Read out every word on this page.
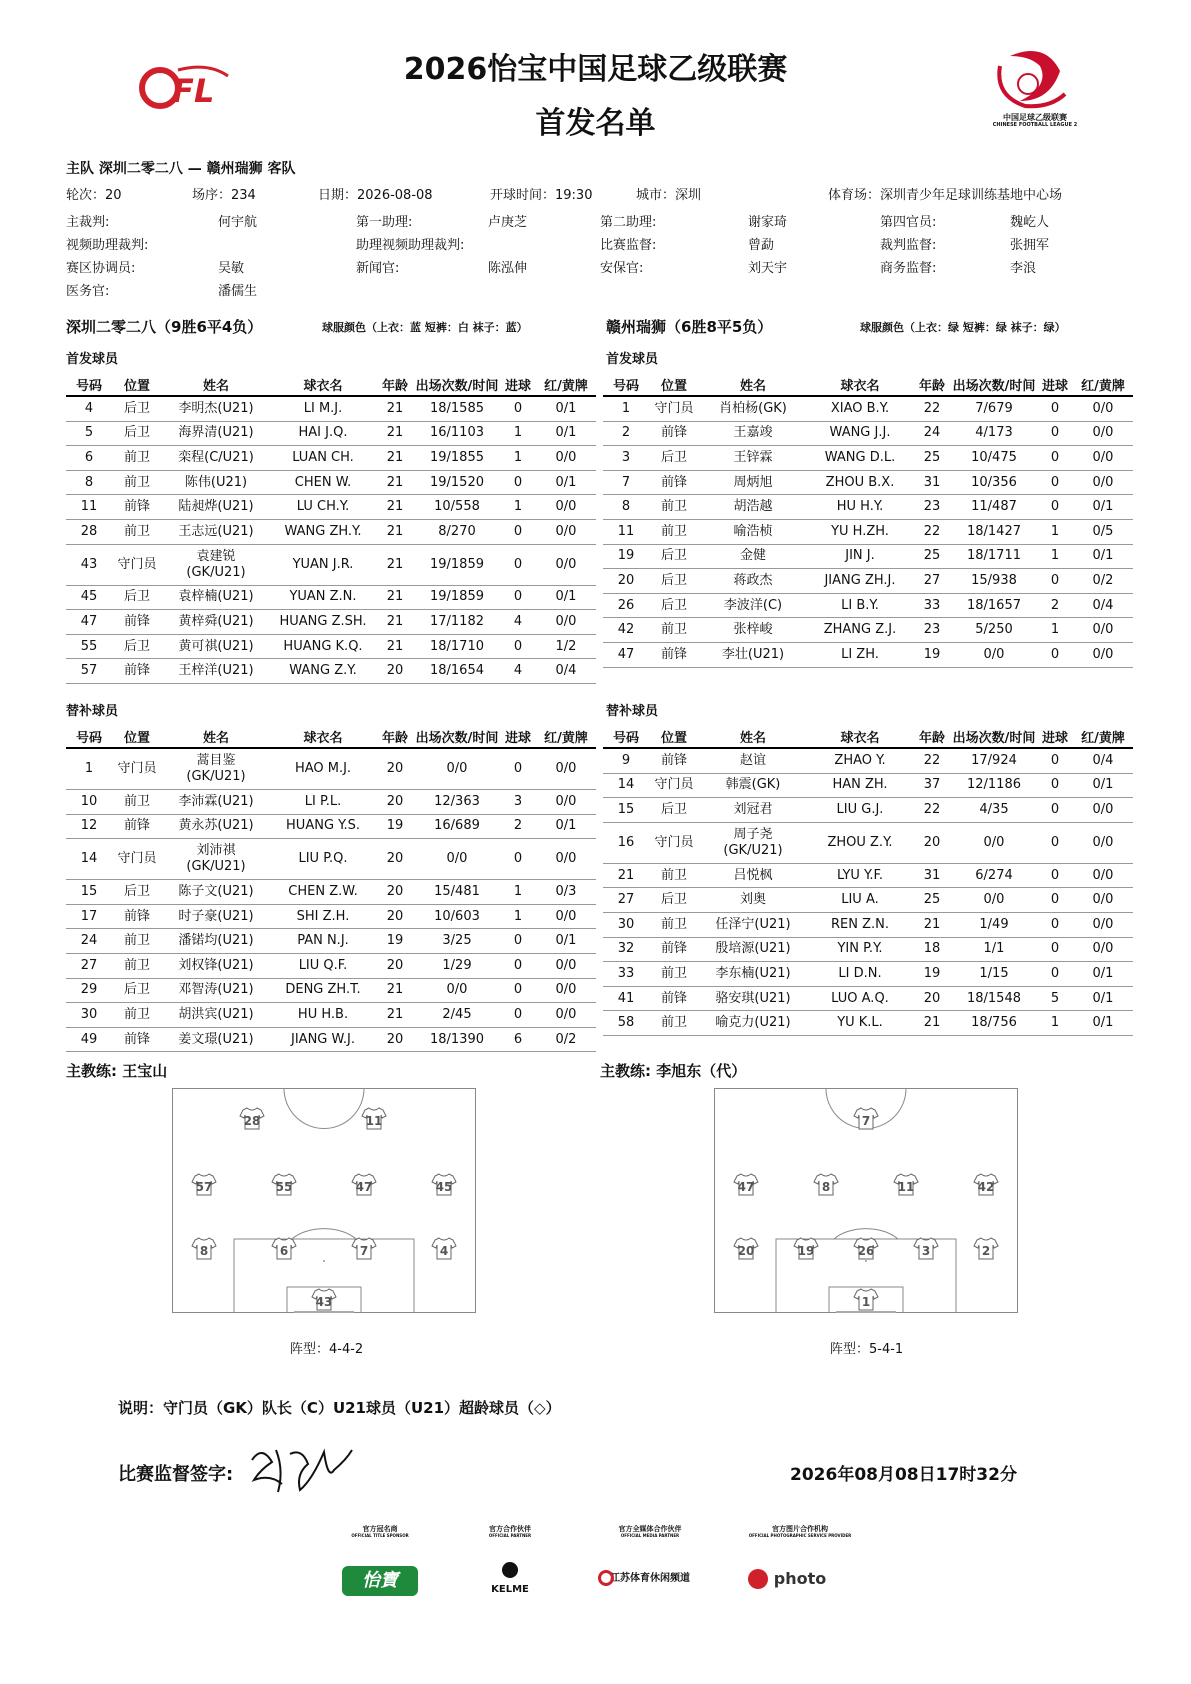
2026怡宝中国足球乙级联赛
首发名单
F L
中国足球乙级联赛
CHINESE FOOTBALL LEAGUE 2
主队 深圳二零二八 — 赣州瑞狮 客队
轮次：20	场序：234	日期：2026-08-08	开球时间：19:30	城市：深圳	体育场：深圳青少年足球训练基地中心场
主裁判:	何宇航	第一助理:	卢庚芝	第二助理:	谢家琦	第四官员:	魏屹人
视频助理裁判:	助理视频助理裁判:	比赛监督:	曾勐	裁判监督:	张拥军
赛区协调员:	吴敏	新闻官:	陈泓伸	安保官:	刘天宇	商务监督:	李浪
医务官:	潘儒生
深圳二零二八（9胜6平4负）	球服颜色（上衣：蓝 短裤：白 袜子：蓝）	赣州瑞狮（6胜8平5负）	球服颜色（上衣：绿 短裤：绿 袜子：绿）
首发球员	首发球员
替补球员	替补球员
号码	位置	姓名	球衣名	年龄	出场次数/时间	进球	红/黄牌
4	后卫	李明杰(U21)	LI M.J.	21	18/1585	0	0/1
5	后卫	海界清(U21)	HAI J.Q.	21	16/1103	1	0/1
6	前卫	栾程(C/U21)	LUAN CH.	21	19/1855	1	0/0
8	前卫	陈伟(U21)	CHEN W.	21	19/1520	0	0/1
11	前锋	陆昶烨(U21)	LU CH.Y.	21	10/558	1	0/0
28	前卫	王志远(U21)	WANG ZH.Y.	21	8/270	0	0/0
43	守门员	袁建锐(GK/U21)	YUAN J.R.	21	19/1859	0	0/0
45	后卫	袁梓楠(U21)	YUAN Z.N.	21	19/1859	0	0/1
47	前锋	黄梓舜(U21)	HUANG Z.SH.	21	17/1182	4	0/0
55	后卫	黄可祺(U21)	HUANG K.Q.	21	18/1710	0	1/2
57	前锋	王梓洋(U21)	WANG Z.Y.	20	18/1654	4	0/4
号码	位置	姓名	球衣名	年龄	出场次数/时间	进球	红/黄牌
1	守门员	肖柏杨(GK)	XIAO B.Y.	22	7/679	0	0/0
2	前锋	王嘉竣	WANG J.J.	24	4/173	0	0/0
3	后卫	王锌霖	WANG D.L.	25	10/475	0	0/0
7	前锋	周炳旭	ZHOU B.X.	31	10/356	0	0/0
8	前卫	胡浩越	HU H.Y.	23	11/487	0	0/1
11	前卫	喻浩桢	YU H.ZH.	22	18/1427	1	0/5
19	后卫	金健	JIN J.	25	18/1711	1	0/1
20	后卫	蒋政杰	JIANG ZH.J.	27	15/938	0	0/2
26	后卫	李波洋(C)	LI B.Y.	33	18/1657	2	0/4
42	前卫	张梓峻	ZHANG Z.J.	23	5/250	1	0/0
47	前锋	李壮(U21)	LI ZH.	19	0/0	0	0/0
号码	位置	姓名	球衣名	年龄	出场次数/时间	进球	红/黄牌
1	守门员	蒿目鉴(GK/U21)	HAO M.J.	20	0/0	0	0/0
10	前卫	李沛霖(U21)	LI P.L.	20	12/363	3	0/0
12	前锋	黄永苏(U21)	HUANG Y.S.	19	16/689	2	0/1
14	守门员	刘沛祺(GK/U21)	LIU P.Q.	20	0/0	0	0/0
15	后卫	陈子文(U21)	CHEN Z.W.	20	15/481	1	0/3
17	前锋	时子豪(U21)	SHI Z.H.	20	10/603	1	0/0
24	前卫	潘锘均(U21)	PAN N.J.	19	3/25	0	0/1
27	前卫	刘权锋(U21)	LIU Q.F.	20	1/29	0	0/0
29	后卫	邓智涛(U21)	DENG ZH.T.	21	0/0	0	0/0
30	前卫	胡洪宾(U21)	HU H.B.	21	2/45	0	0/0
49	前锋	姜文璟(U21)	JIANG W.J.	20	18/1390	6	0/2
号码	位置	姓名	球衣名	年龄	出场次数/时间	进球	红/黄牌
9	前锋	赵谊	ZHAO Y.	22	17/924	0	0/4
14	守门员	韩震(GK)	HAN ZH.	37	12/1186	0	0/1
15	后卫	刘冠君	LIU G.J.	22	4/35	0	0/0
16	守门员	周子尧(GK/U21)	ZHOU Z.Y.	20	0/0	0	0/0
21	前卫	吕悦枫	LYU Y.F.	31	6/274	0	0/0
27	后卫	刘奥	LIU A.	25	0/0	0	0/0
30	前卫	任泽宁(U21)	REN Z.N.	21	1/49	0	0/0
32	前锋	殷培源(U21)	YIN P.Y.	18	1/1	0	0/0
33	前卫	李东楠(U21)	LI D.N.	19	1/15	0	0/1
41	前锋	骆安琪(U21)	LUO A.Q.	20	18/1548	5	0/1
58	前卫	喻克力(U21)	YU K.L.	21	18/756	1	0/1
主教练: 王宝山	主教练: 李旭东（代）
28	11
57	55	47	45
8	6	7	4
43
7
47	8	11	42
20	19	26	3	2
1
阵型：4-4-2	阵型：5-4-1
说明：守门员（GK）队长（C）U21球员（U21）超龄球员（◇）
比赛监督签字:	2026年08月08日17时32分
官方冠名商
OFFICIAL TITLE SPONSOR
怡寶
官方合作伙伴
OFFICIAL PARTNER
KELME
官方全媒体合作伙伴
OFFICIAL MEDIA PARTNER
江苏体育休闲频道
官方图片合作机构
OFFICIAL PHOTOGRAPHIC SERVICE PROVIDER
photo
